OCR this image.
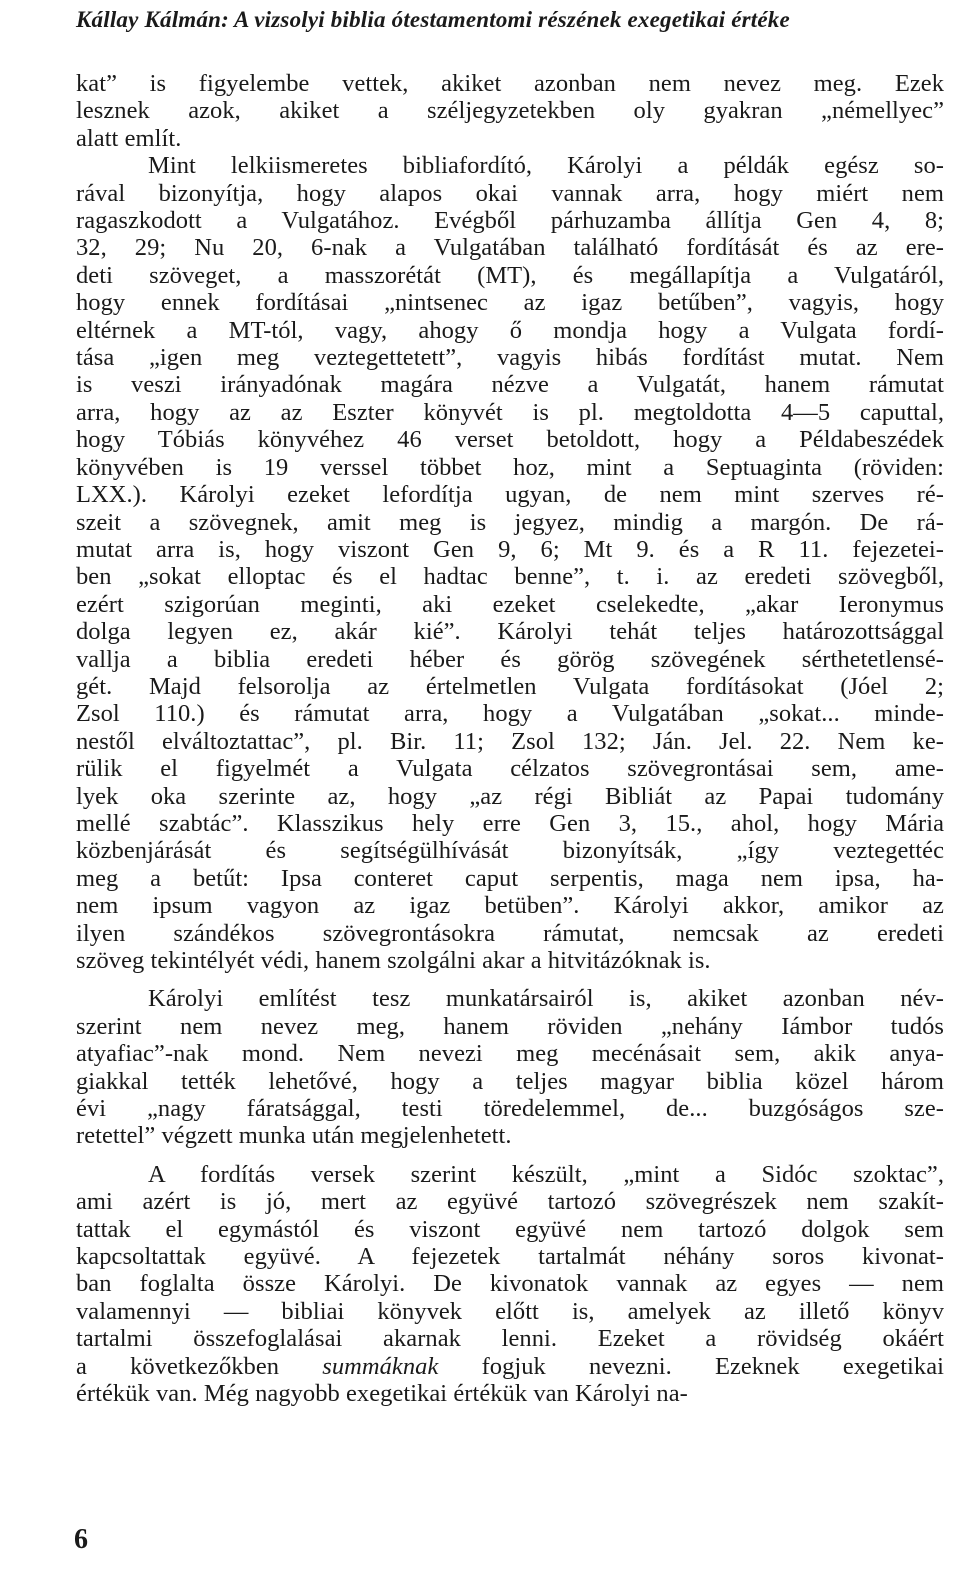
Kállay Kálmán: A vizsolyi biblia ótestamentomi részének exegetikai értéke
kat” is figyelembe vettek, akiket azonban nem nevez meg. Ezek
lesznek azok, akiket a széljegyzetekben oly gyakran „némellyec”
alatt említ.
Mint lelkiismeretes bibliafordító, Károlyi a példák egész so-
rával bizonyítja, hogy alapos okai vannak arra, hogy miért nem
ragaszkodott a Vulgatához. Evégből párhuzamba állítja Gen 4, 8;
32, 29; Nu 20, 6-nak a Vulgatában található fordítását és az ere-
deti szöveget, a masszorétát (MT), és megállapítja a Vulgatáról,
hogy ennek fordításai „nintsenec az igaz betűben”, vagyis, hogy
eltérnek a MT-tól, vagy, ahogy ő mondja hogy a Vulgata fordí-
tása „igen meg veztegettetett”, vagyis hibás fordítást mutat. Nem
is veszi irányadónak magára nézve a Vulgatát, hanem rámutat
arra, hogy az az Eszter könyvét is pl. megtoldotta 4—5 caputtal,
hogy Tóbiás könyvéhez 46 verset betoldott, hogy a Példabeszédek
könyvében is 19 verssel többet hoz, mint a Septuaginta (röviden:
LXX.). Károlyi ezeket lefordítja ugyan, de nem mint szerves ré-
szeit a szövegnek, amit meg is jegyez, mindig a margón. De rá-
mutat arra is, hogy viszont Gen 9, 6; Mt 9. és a R 11. fejezetei-
ben „sokat elloptac és el hadtac benne”, t. i. az eredeti szövegből,
ezért szigorúan meginti, aki ezeket cselekedte, „akar Ieronymus
dolga legyen ez, akár kié”. Károlyi tehát teljes határozottsággal
vallja a biblia eredeti héber és görög szövegének sérthetetlensé-
gét. Majd felsorolja az értelmetlen Vulgata fordításokat (Jóel 2;
Zsol 110.) és rámutat arra, hogy a Vulgatában „sokat... minde-
nestől elváltoztattac”, pl. Bir. 11; Zsol 132; Ján. Jel. 22. Nem ke-
rülik el figyelmét a Vulgata célzatos szövegrontásai sem, ame-
lyek oka szerinte az, hogy „az régi Bibliát az Papai tudomány
mellé szabtác”. Klasszikus hely erre Gen 3, 15., ahol, hogy Mária
közbenjárását és segítségülhívását bizonyítsák, „így veztegettéc
meg a betűt: Ipsa conteret caput serpentis, maga nem ipsa, ha-
nem ipsum vagyon az igaz betüben”. Károlyi akkor, amikor az
ilyen szándékos szövegrontásokra rámutat, nemcsak az eredeti
szöveg tekintélyét védi, hanem szolgálni akar a hitvitázóknak is.
Károlyi említést tesz munkatársairól is, akiket azonban név-
szerint nem nevez meg, hanem röviden „nehány Iámbor tudós
atyafiac”-nak mond. Nem nevezi meg mecénásait sem, akik anya-
giakkal tették lehetővé, hogy a teljes magyar biblia közel három
évi „nagy fáratsággal, testi töredelemmel, de... buzgóságos sze-
retettel” végzett munka után megjelenhetett.
A fordítás versek szerint készült, „mint a Sidóc szoktac”,
ami azért is jó, mert az együvé tartozó szövegrészek nem szakít-
tattak el egymástól és viszont együvé nem tartozó dolgok sem
kapcsoltattak együvé. A fejezetek tartalmát néhány soros kivonat-
ban foglalta össze Károlyi. De kivonatok vannak az egyes — nem
valamennyi — bibliai könyvek előtt is, amelyek az illető könyv
tartalmi összefoglalásai akarnak lenni. Ezeket a rövidség okáért
a következőkben summáknak fogjuk nevezni. Ezeknek exegetikai
értékük van. Még nagyobb exegetikai értékük van Károlyi na-
6
